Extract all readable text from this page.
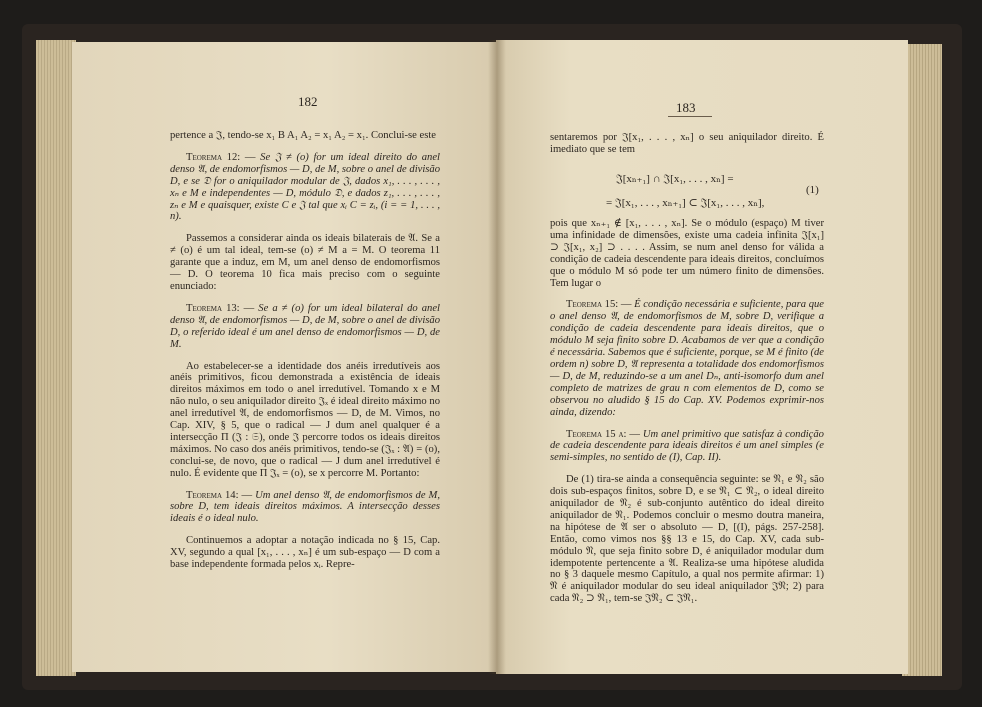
182

pertence a 𝔍, tendo-se x₁ B A₁ A₂ = x₁ A₂ = x₁. Conclui-se este

Teorema 12: — Se 𝔍 ≠ (o) for um ideal direito do anel denso 𝔄, de endomorfismos — D, de M, sobre o anel de divisão D, e se 𝔇 for o aniquilador modular de 𝔍, dados x₁, . . . , . . . , xₙ e M e independentes — D, módulo 𝔇, e dados z₁, . . . , . . . , zₙ e M e quaisquer, existe C e 𝔍 tal que xᵢ C = zᵢ, (i = = 1, . . . , n).

Passemos a considerar ainda os ideais bilaterais de 𝔄. Se a ≠ (o) é um tal ideal, tem-se (o) ≠ M a = M. O teorema 11 garante que a induz, em M, um anel denso de endomorfismos — D. O teorema 10 fica mais preciso com o seguinte enunciado:

Teorema 13: — Se a ≠ (o) for um ideal bilateral do anel denso 𝔄, de endomorfismos — D, de M, sobre o anel de divisão D, o referido ideal é um anel denso de endomorfismos — D, de M.

Ao estabelecer-se a identidade dos anéis irredutíveis aos anéis primitivos, ficou demonstrada a existência de ideais direitos máximos em todo o anel irredutível. Tomando x e M não nulo, o seu aniquilador direito 𝔍ₓ é ideal direito máximo no anel irredutível 𝔄, de endomorfismos — D, de M. Vimos, no Cap. XIV, § 5, que o radical — J dum anel qualquer é a intersecção Π (𝔍 : 𝔖), onde 𝔍 percorre todos os ideais direitos máximos. No caso dos anéis primitivos, tendo-se (𝔍ₓ : 𝔄) = (o), conclui-se, de novo, que o radical — J dum anel irredutível é nulo. É evidente que Π 𝔍ₓ = (o), se x percorre M. Portanto:

Teorema 14: — Um anel denso 𝔄, de endomorfismos de M, sobre D, tem ideais direitos máximos. A intersecção desses ideais é o ideal nulo.

Continuemos a adoptar a notação indicada no § 15, Cap. XV, segundo a qual [x₁, . . . , xₙ] é um sub-espaço — D com a base independente formada pelos xᵢ. Repre-

183

sentaremos por 𝔍[x₁, . . . , xₙ] o seu aniquilador direito. É imediato que se tem

𝔍[xₙ₊₁] ∩ 𝔍[x₁, . . . , xₙ] =
= 𝔍[x₁, . . . , xₙ₊₁] ⊂ 𝔍[x₁, . . . , xₙ],
(1)

pois que xₙ₊₁ ∉ [x₁, . . . , xₙ]. Se o módulo (espaço) M tiver uma infinidade de dimensões, existe uma cadeia infinita 𝔍[x₁] ⊃ 𝔍[x₁, x₂] ⊃ . . . . Assim, se num anel denso for válida a condição de cadeia descendente para ideais direitos, concluímos que o módulo M só pode ter um número finito de dimensões. Tem lugar o

Teorema 15: — É condição necessária e suficiente, para que o anel denso 𝔄, de endomorfismos de M, sobre D, verifique a condição de cadeia descendente para ideais direitos, que o módulo M seja finito sobre D. Acabamos de ver que a condição é necessária. Sabemos que é suficiente, porque, se M é finito (de ordem n) sobre D, 𝔄 representa a totalidade dos endomorfismos — D, de M, reduzindo-se a um anel Dₙ, anti-isomorfo dum anel completo de matrizes de grau n com elementos de D, como se observou no aludido § 15 do Cap. XV. Podemos exprimir-nos ainda, dizendo:

Teorema 15 a: — Um anel primitivo que satisfaz à condição de cadeia descendente para ideais direitos é um anel simples (e semi-simples, no sentido de (I), Cap. II).

De (1) tira-se ainda a consequência seguinte: se 𝔑₁ e 𝔑₂ são dois sub-espaços finitos, sobre D, e se 𝔑₁ ⊂ 𝔑₂, o ideal direito aniquilador de 𝔑₂ é sub-conjunto autêntico do ideal direito aniquilador de 𝔑₁. Podemos concluir o mesmo doutra maneira, na hipótese de 𝔄 ser o absoluto — D, [(I), págs. 257-258]. Então, como vimos nos §§ 13 e 15, do Cap. XV, cada sub-módulo 𝔑, que seja finito sobre D, é aniquilador modular dum idempotente pertencente a 𝔄. Realiza-se uma hipótese aludida no § 3 daquele mesmo Capítulo, a qual nos permite afirmar: 1) 𝔑 é aniquilador modular do seu ideal aniquilador 𝔍𝔑; 2) para cada 𝔑₂ ⊃ 𝔑₁, tem-se 𝔍𝔑₂ ⊂ 𝔍𝔑₁.
